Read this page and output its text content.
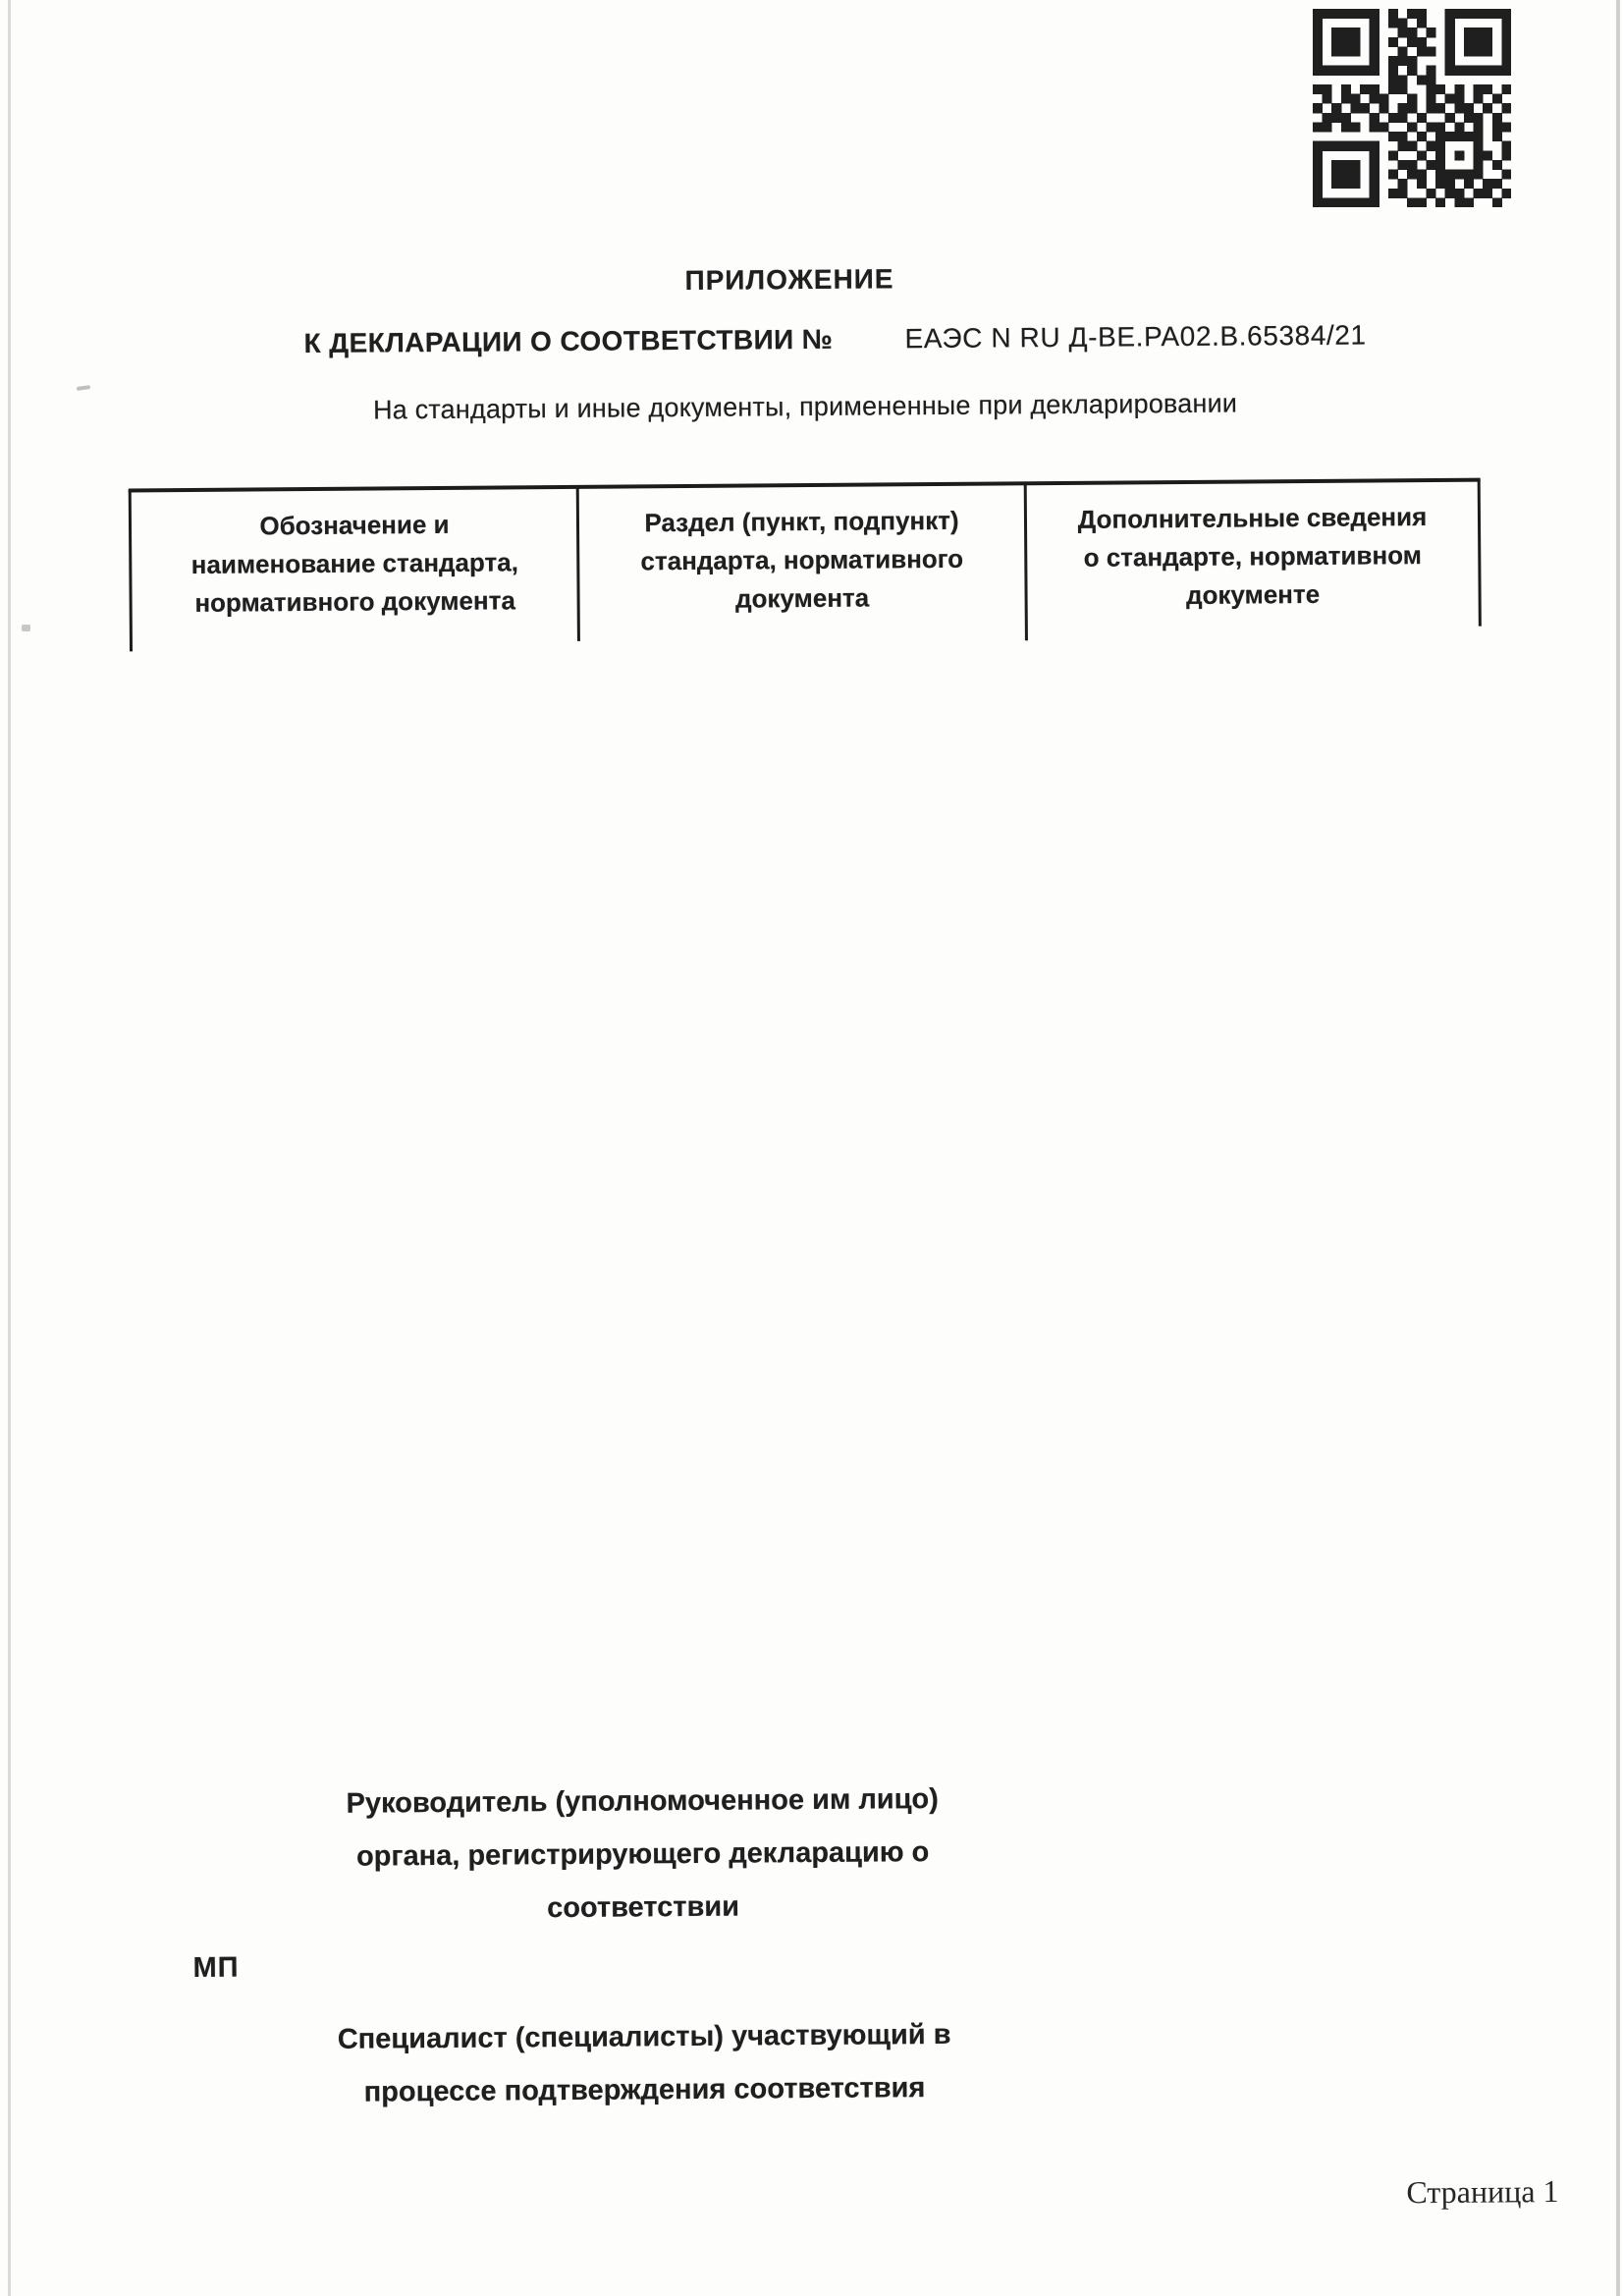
ПРИЛОЖЕНИЕ
К ДЕКЛАРАЦИИ О СООТВЕТСТВИИ №	ЕАЭС N RU Д-ВЕ.РА02.В.65384/21
На стандарты и иные документы, примененные при декларировании
Обозначение и
наименование стандарта,
нормативного документа
Раздел (пункт, подпункт)
стандарта, нормативного
документа
Дополнительные сведения
о стандарте, нормативном
документе
Руководитель (уполномоченное им лицо)
органа, регистрирующего декларацию о
соответствии
МП
Специалист (специалисты) участвующий в
процессе подтверждения соответствия
Страница 1
